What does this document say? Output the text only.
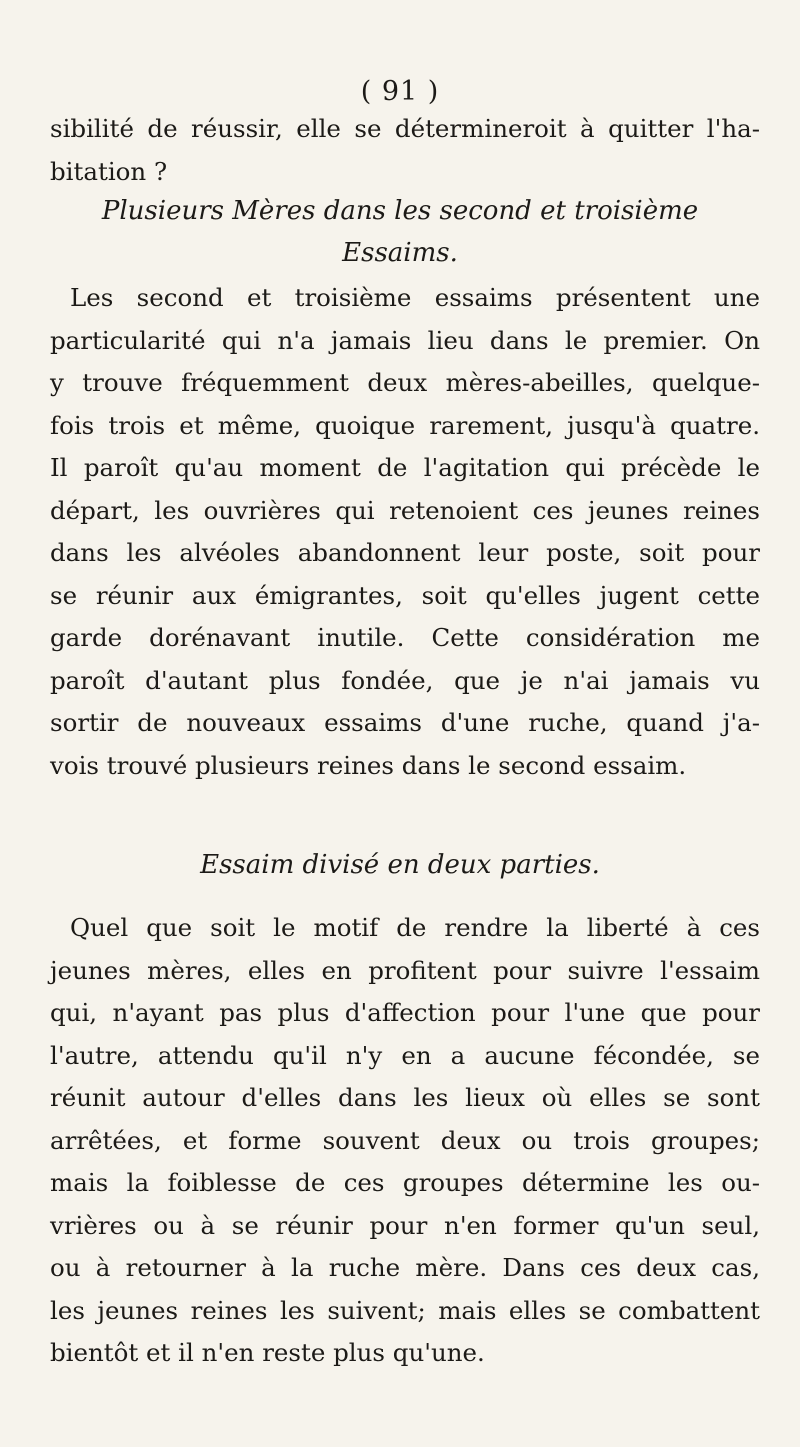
( 91 )
sibilité de réussir, elle se détermineroit à quitter l'ha-
bitation ?
Plusieurs Mères dans les second et troisième
Essaims.
Les second et troisième essaims présentent une
particularité qui n'a jamais lieu dans le premier. On
y trouve fréquemment deux mères-abeilles, quelque-
fois trois et même, quoique rarement, jusqu'à quatre.
Il paroît qu'au moment de l'agitation qui précède le
départ, les ouvrières qui retenoient ces jeunes reines
dans les alvéoles abandonnent leur poste, soit pour
se réunir aux émigrantes, soit qu'elles jugent cette
garde dorénavant inutile. Cette considération me
paroît d'autant plus fondée, que je n'ai jamais vu
sortir de nouveaux essaims d'une ruche, quand j'a-
vois trouvé plusieurs reines dans le second essaim.
Essaim divisé en deux parties.
Quel que soit le motif de rendre la liberté à ces
jeunes mères, elles en profitent pour suivre l'essaim
qui, n'ayant pas plus d'affection pour l'une que pour
l'autre, attendu qu'il n'y en a aucune fécondée, se
réunit autour d'elles dans les lieux où elles se sont
arrêtées, et forme souvent deux ou trois groupes;
mais la foiblesse de ces groupes détermine les ou-
vrières ou à se réunir pour n'en former qu'un seul,
ou à retourner à la ruche mère. Dans ces deux cas,
les jeunes reines les suivent; mais elles se combattent
bientôt et il n'en reste plus qu'une.
